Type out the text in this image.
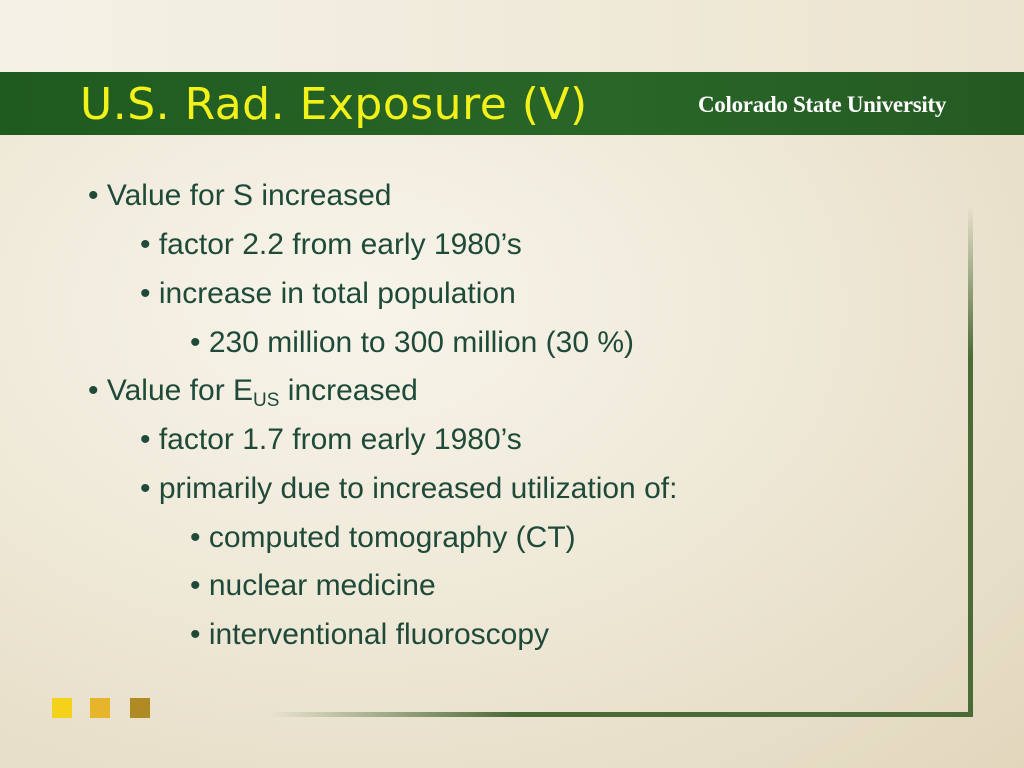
U.S. Rad. Exposure (V)	Colorado State University
• Value for S increased
• factor 2.2 from early 1980’s
• increase in total population
• 230 million to 300 million (30 %)
• Value for $E_{US}$ increased
• factor 1.7 from early 1980’s
• primarily due to increased utilization of:
• computed tomography (CT)
• nuclear medicine
• interventional fluoroscopy
